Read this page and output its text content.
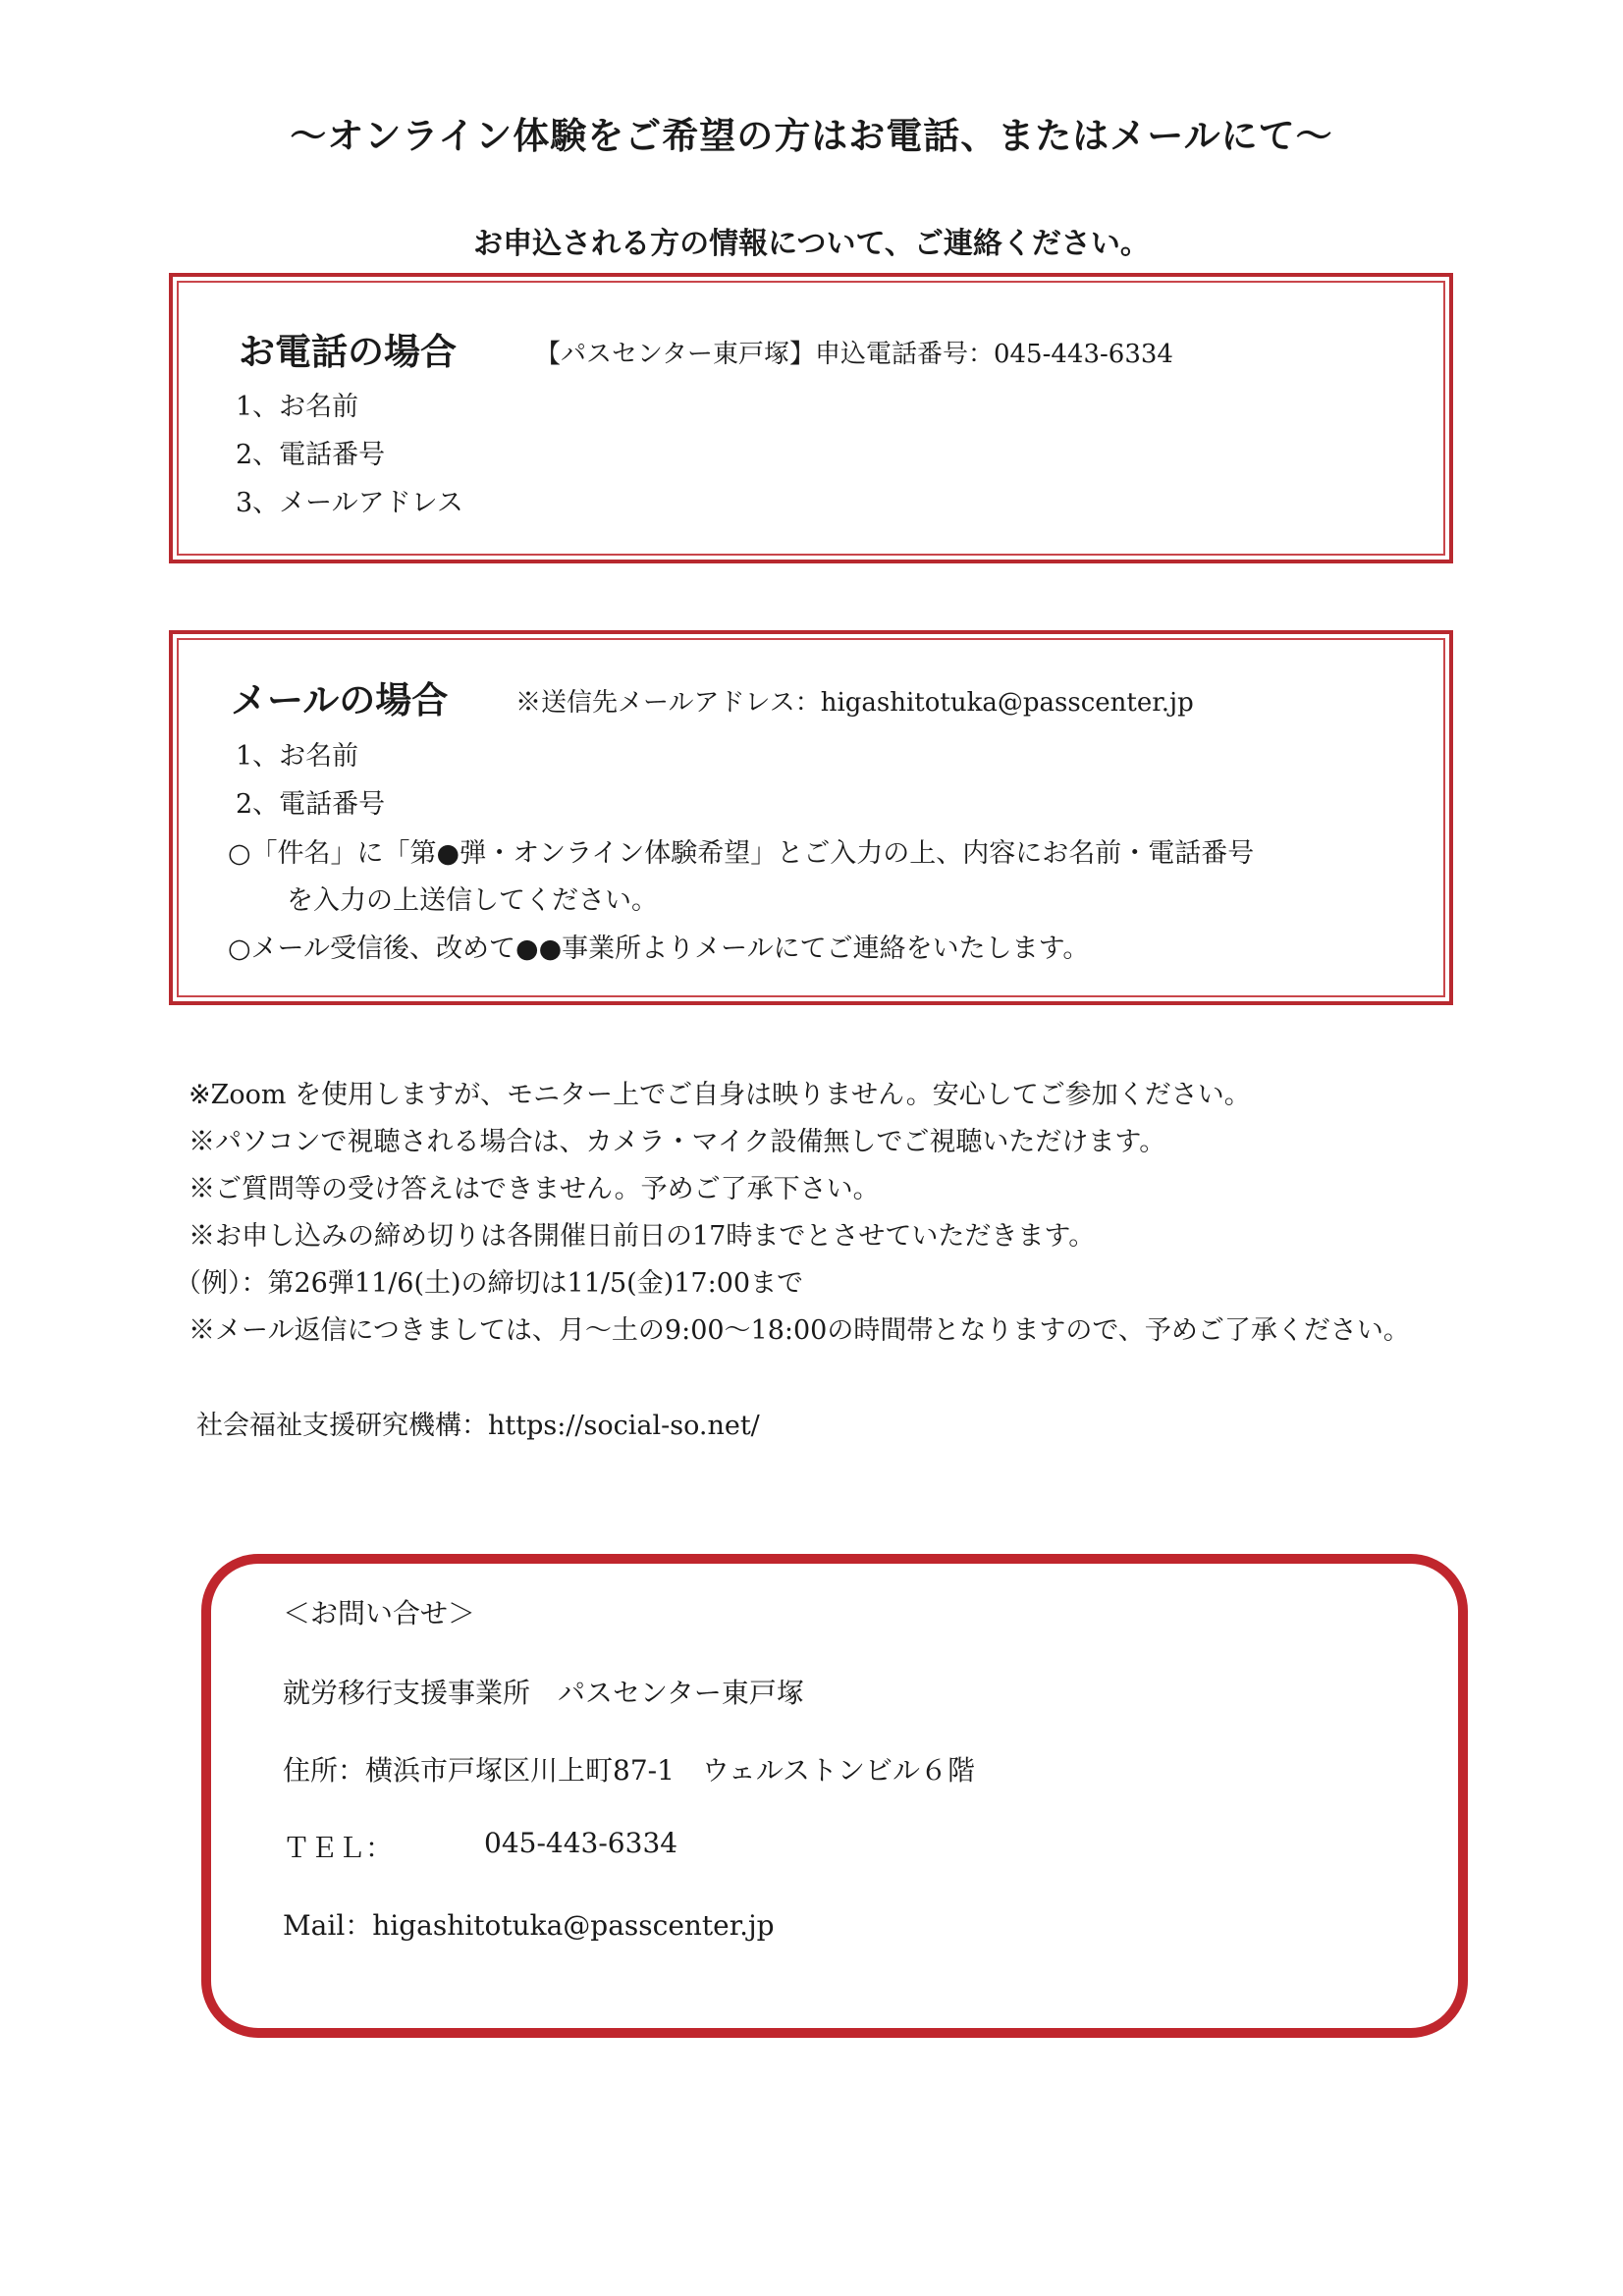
～オンライン体験をご希望の方はお電話、またはメールにて～
お申込される方の情報について、ご連絡ください。
お電話の場合	【パスセンター東戸塚】申込電話番号：045-443-6334
1、お名前
2、電話番号
3、メールアドレス
メールの場合	※送信先メールアドレス：higashitotuka@passcenter.jp
1、お名前
2、電話番号
○「件名」に「第●弾・オンライン体験希望」とご入力の上、内容にお名前・電話番号
を入力の上送信してください。
○メール受信後、改めて●●事業所よりメールにてご連絡をいたします。
※Zoom を使用しますが、モニター上でご自身は映りません。安心してご参加ください。
※パソコンで視聴される場合は、カメラ・マイク設備無しでご視聴いただけます。
※ご質問等の受け答えはできません。予めご了承下さい。
※お申し込みの締め切りは各開催日前日の17時までとさせていただきます。
（例）：第26弾11/6(土)の締切は11/5(金)17:00まで
※メール返信につきましては、月～土の9:00～18:00の時間帯となりますので、予めご了承ください。
社会福祉支援研究機構：https://social-so.net/
＜お問い合せ＞
就労移行支援事業所　パスセンター東戸塚
住所：横浜市戸塚区川上町87-1　ウェルストンビル６階
ＴＥＬ：	045-443-6334
Mail：higashitotuka@passcenter.jp
